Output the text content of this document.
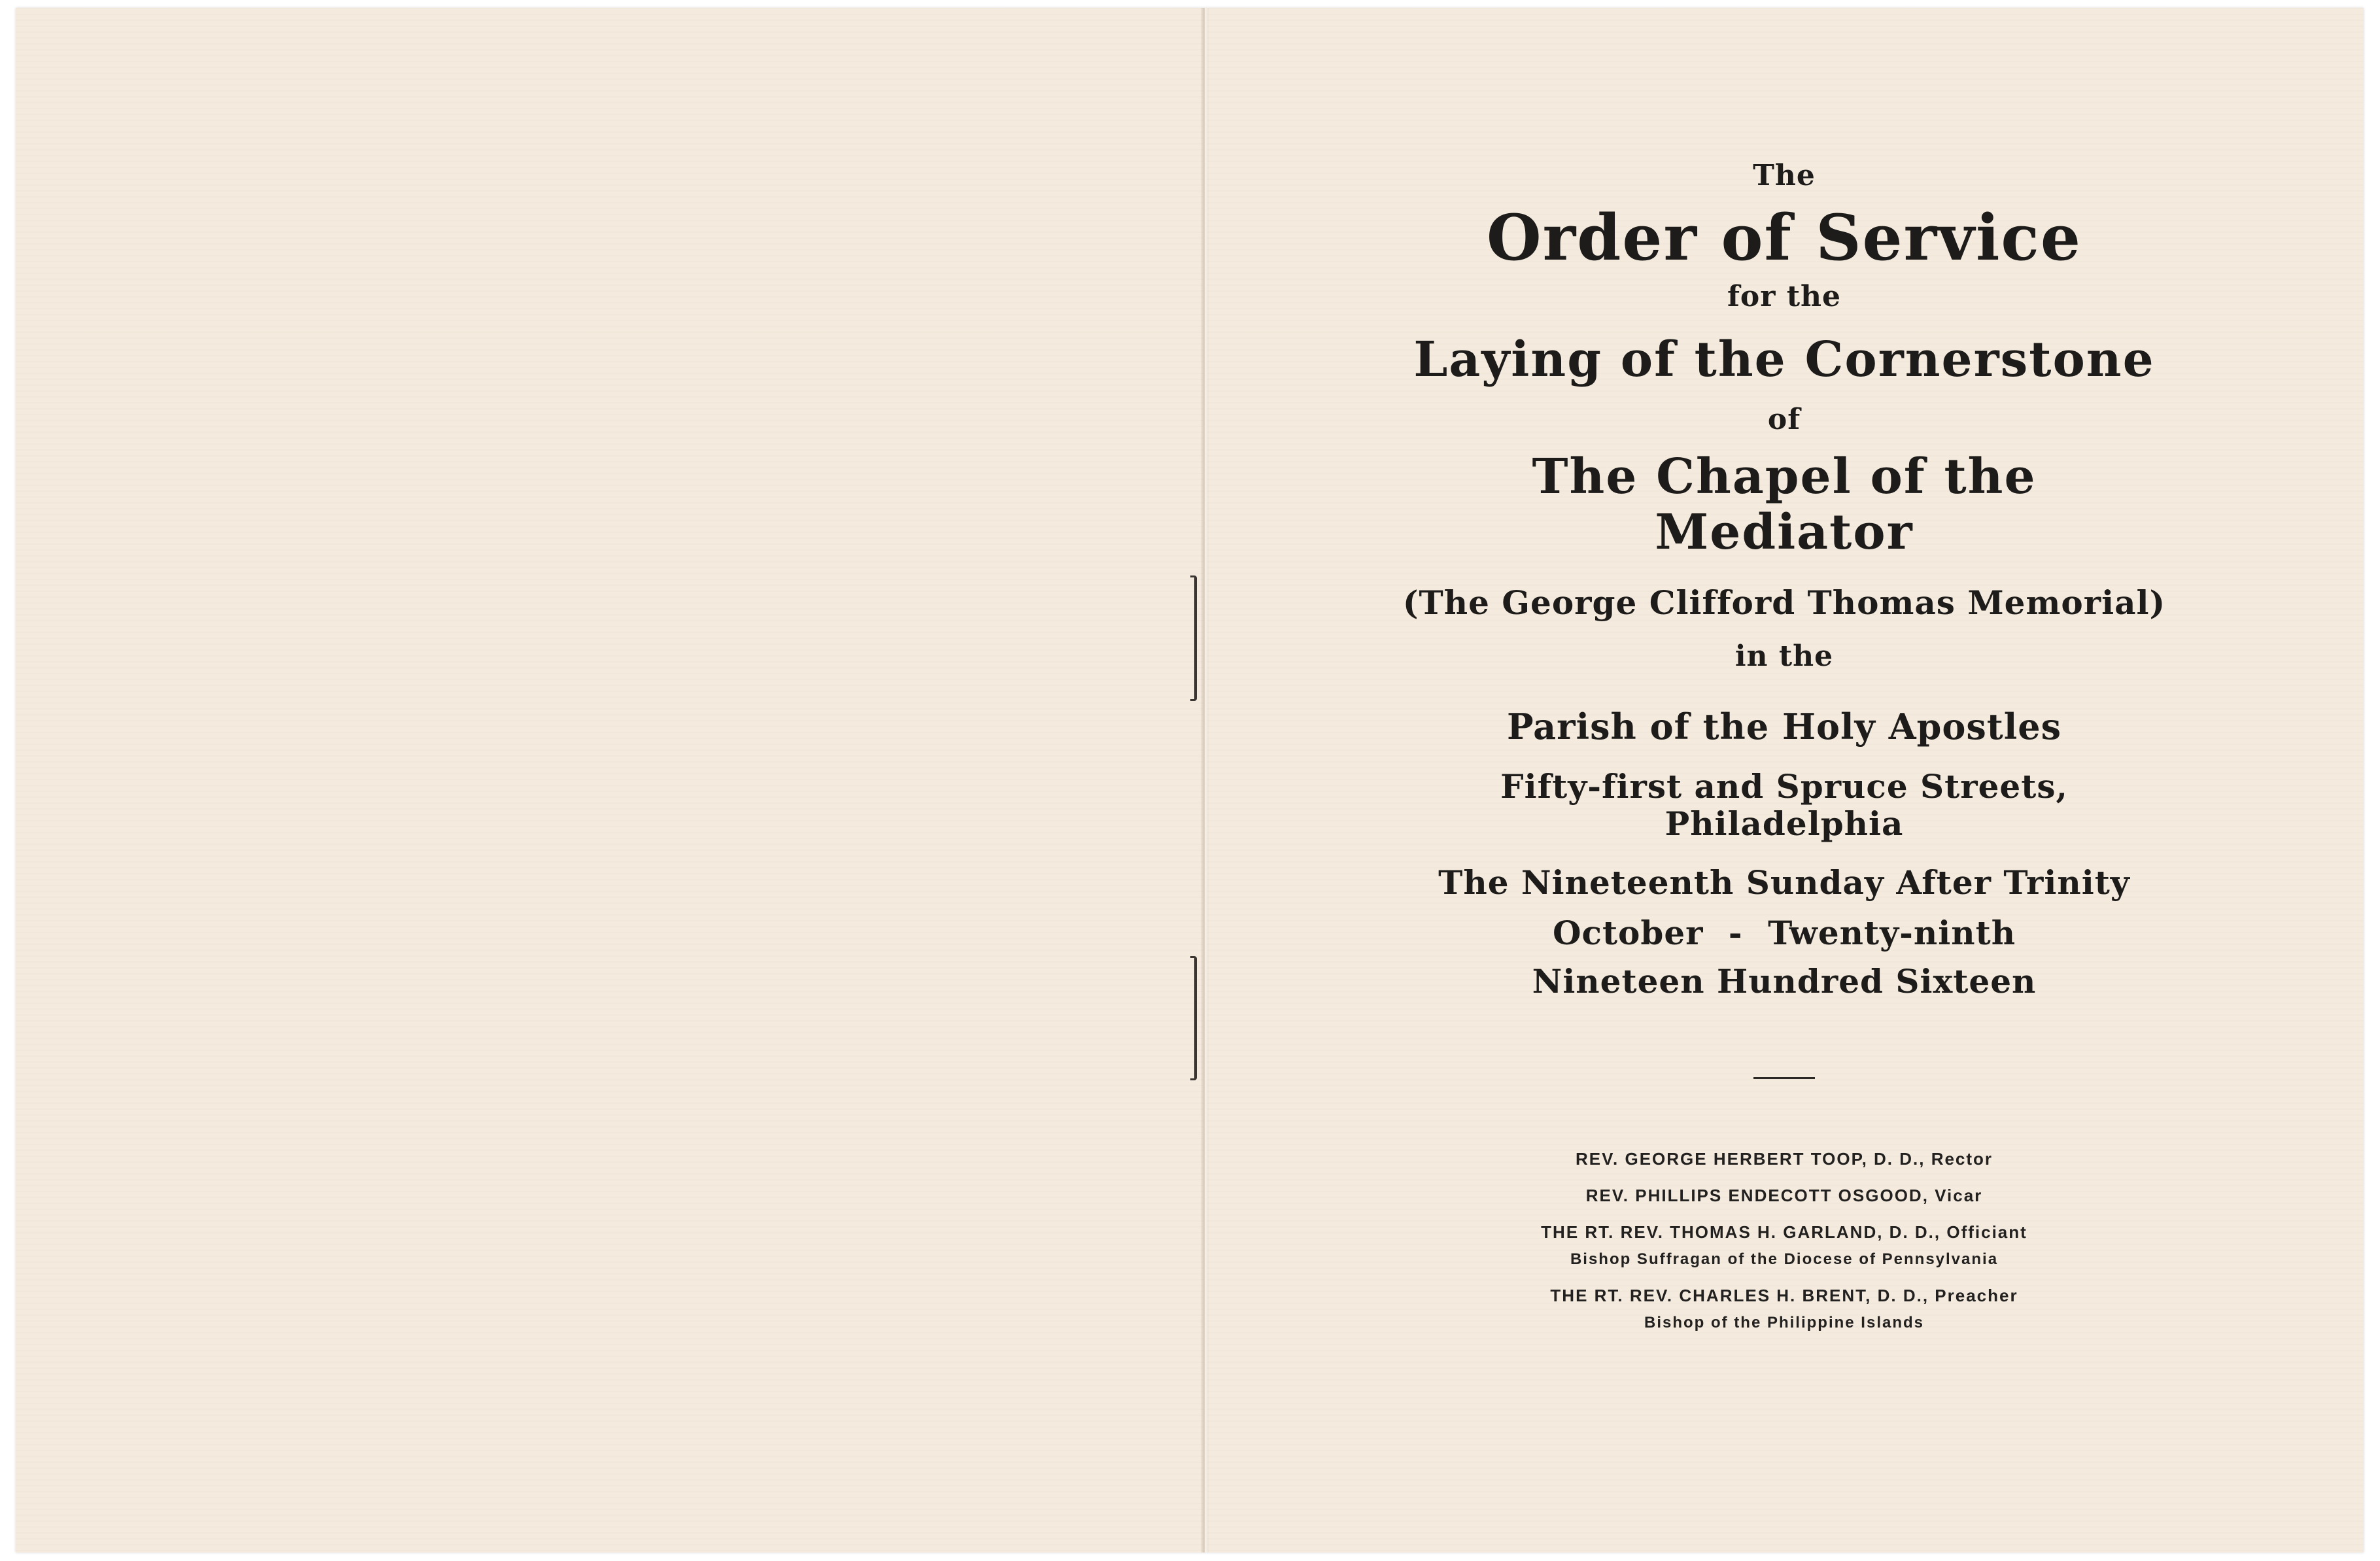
The

Order of Service

for the

Laying of the Cornerstone

of

The Chapel of the Mediator

(The George Clifford Thomas Memorial)

in the

Parish of the Holy Apostles

Fifty-first and Spruce Streets, Philadelphia

The Nineteenth Sunday After Trinity

October - Twenty-ninth

Nineteen Hundred Sixteen

REV. GEORGE HERBERT TOOP, D. D., Rector

REV. PHILLIPS ENDECOTT OSGOOD, Vicar

THE RT. REV. THOMAS H. GARLAND, D. D., Officiant

Bishop Suffragan of the Diocese of Pennsylvania

THE RT. REV. CHARLES H. BRENT, D. D., Preacher

Bishop of the Philippine Islands
